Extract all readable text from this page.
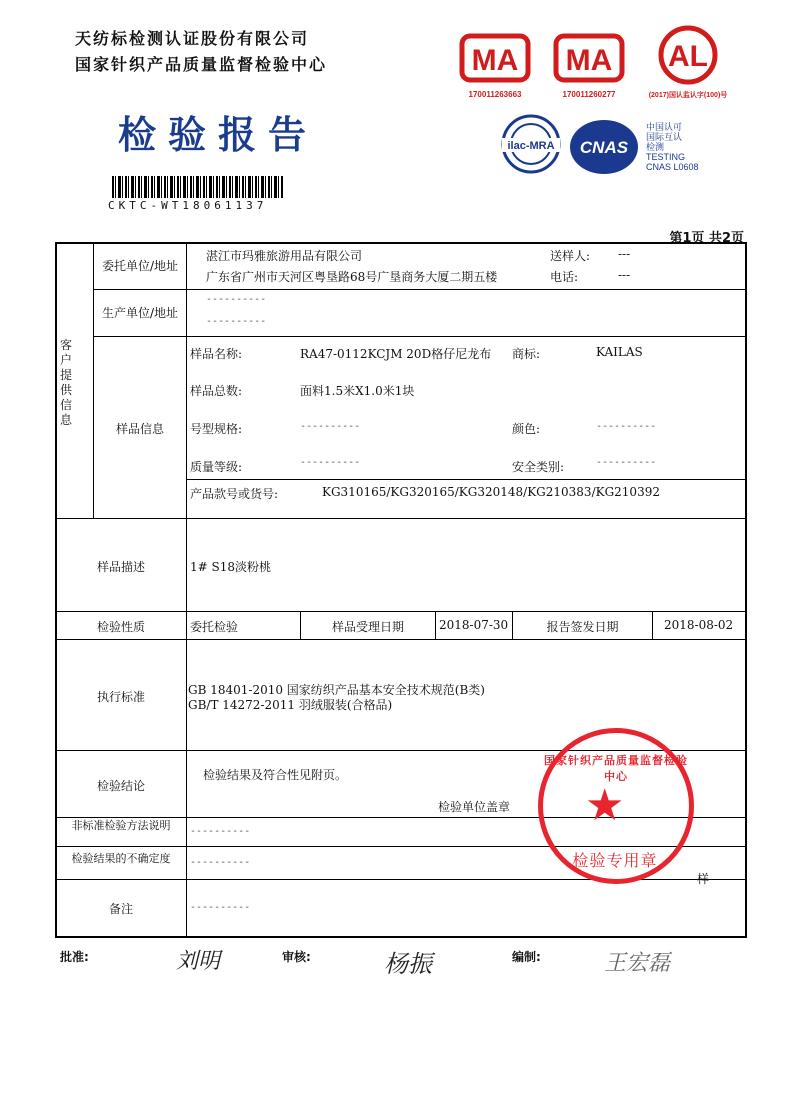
天纺标检测认证股份有限公司
国家针织产品质量监督检验中心
检验报告
CKTC-WT18061137
MA
170011263663
MA
170011260277
AL
(2017)国认监认字(100)号
ilac-MRA CNAS
中国认可
国际互认
检测
TESTING
CNAS L0608
第1页 共2页
客户提供信息
委托单位/地址
湛江市玛雅旅游用品有限公司
广东省广州市天河区粤垦路68号广垦商务大厦二期五楼
送样人: ---
电话:	---
生产单位/地址
----------
----------
样品信息
样品名称:	RA47-0112KCJM 20D格仔尼龙布 商标:	KAILAS
样品总数:	面料1.5米X1.0米1块
号型规格:	----------	颜色:	----------
质量等级:	----------	安全类别:	----------
产品款号或货号:	KG310165/KG320165/KG320148/KG210383/KG210392
样品描述	1# S18淡粉桃
检验性质	委托检验	样品受理日期	2018-07-30	报告签发日期	2018-08-02
执行标准	GB 18401-2010 国家纺织产品基本安全技术规范(B类)
GB/T 14272-2011 羽绒服装(合格品)
检验结论
检验结果及符合性见附页。
检验单位盖章
非标准检验方法说明	----------
检验结果的不确定度	----------
备注	----------
样
国家针织产品质量监督检验中心
★
检验专用章
批准:	刘明	审核:	杨振	编制:	王宏磊
